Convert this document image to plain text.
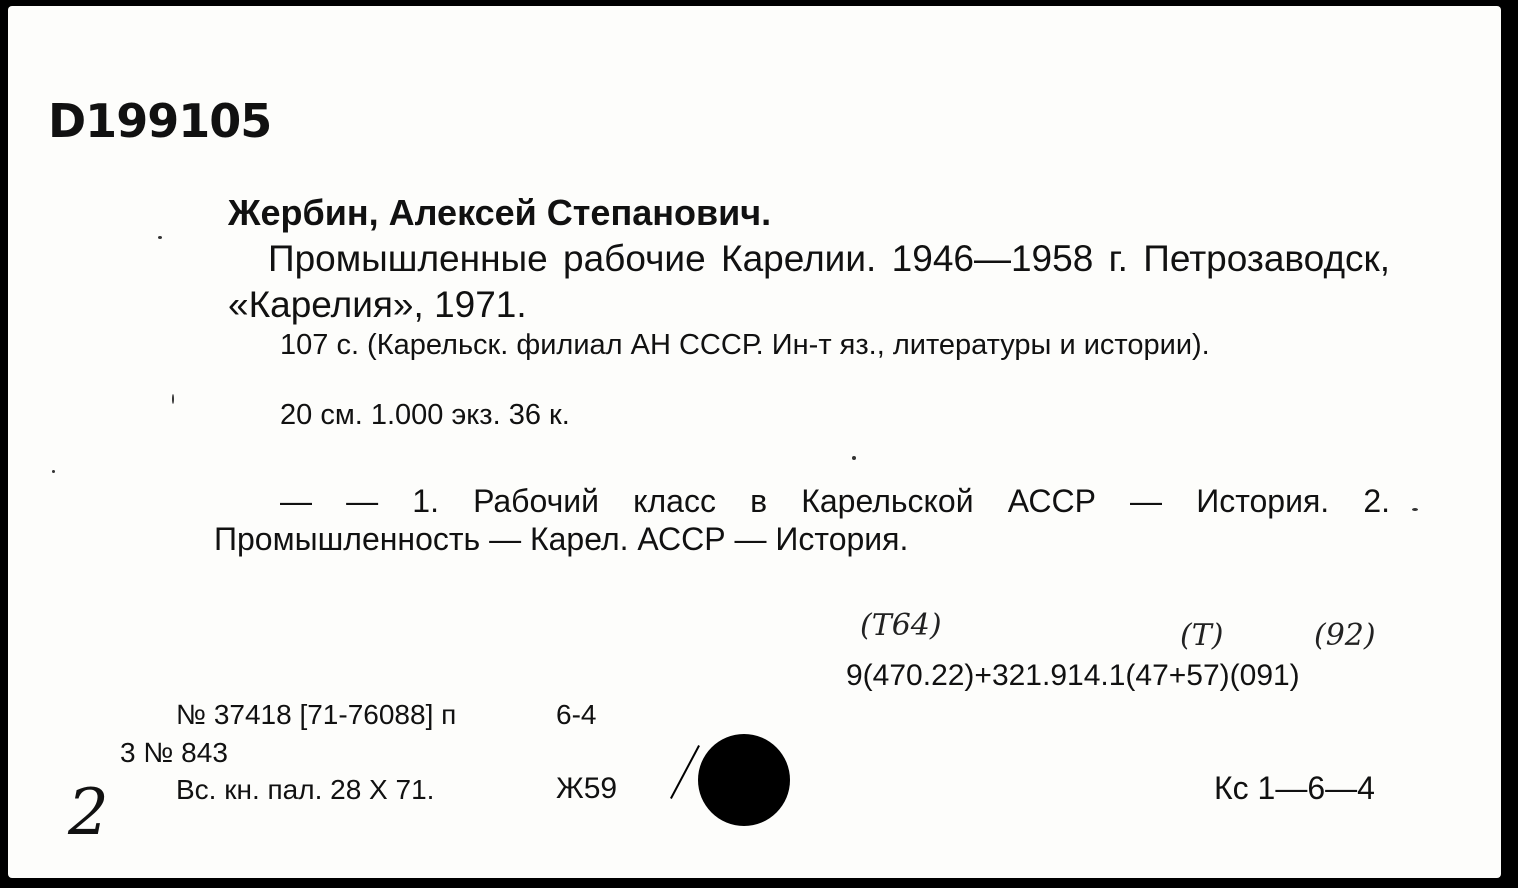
D199105
Жербин, Алексей Степанович.
Промышленные рабочие Карелии. 1946—1958 г. Петрозаводск, «Карелия», 1971.
107 с. (Карельск. филиал АН СССР. Ин-т яз., литературы и истории).
20 см. 1.000 экз. 36 к.
— — 1. Рабочий класс в Карельской АССР — История. 2. Промышленность — Карел. АССР — История.
(Т64)	(Т)	(92)
9(470.22)+321.914.1(47+57)(091)
№ 37418 [71-76088] п	6-4
3 № 843
Вс. кн. пал. 28 X 71.	Ж59	Кс 1—6—4
2
